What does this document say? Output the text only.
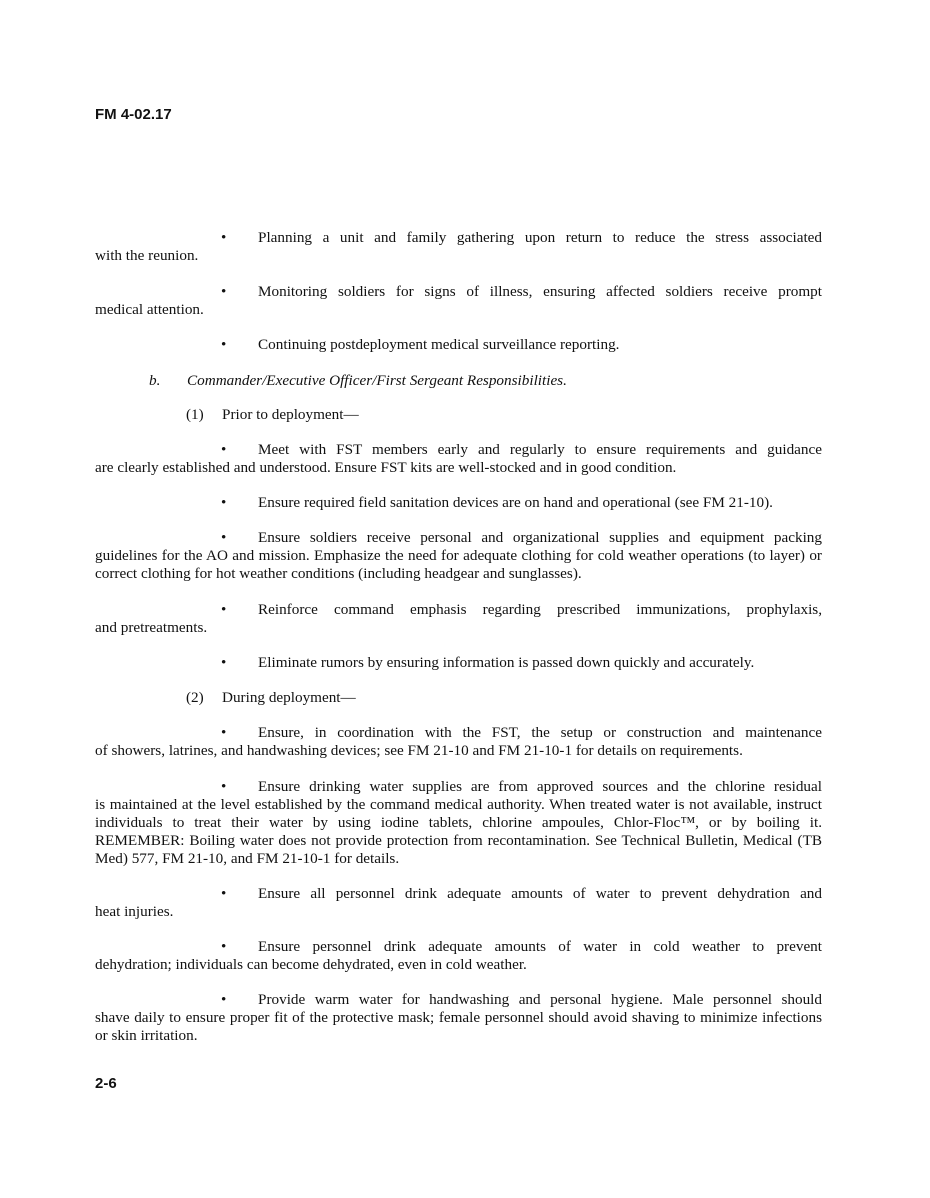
FM 4-02.17
• Planning a unit and family gathering upon return to reduce the stress associated
with the reunion.
• Monitoring soldiers for signs of illness, ensuring affected soldiers receive prompt
medical attention.
• Continuing postdeployment medical surveillance reporting.
b. Commander/Executive Officer/First Sergeant Responsibilities.
(1) Prior to deployment—
• Meet with FST members early and regularly to ensure requirements and guidance
are clearly established and understood. Ensure FST kits are well-stocked and in good condition.
• Ensure required field sanitation devices are on hand and operational (see FM 21-10).
• Ensure soldiers receive personal and organizational supplies and equipment packing
guidelines for the AO and mission. Emphasize the need for adequate clothing for cold weather operations (to layer) or correct clothing for hot weather conditions (including headgear and sunglasses).
• Reinforce command emphasis regarding prescribed immunizations, prophylaxis,
and pretreatments.
• Eliminate rumors by ensuring information is passed down quickly and accurately.
(2) During deployment—
• Ensure, in coordination with the FST, the setup or construction and maintenance
of showers, latrines, and handwashing devices; see FM 21-10 and FM 21-10-1 for details on requirements.
• Ensure drinking water supplies are from approved sources and the chlorine residual
is maintained at the level established by the command medical authority. When treated water is not available, instruct individuals to treat their water by using iodine tablets, chlorine ampoules, Chlor-Floc™, or by boiling it. REMEMBER: Boiling water does not provide protection from recontamination. See Technical Bulletin, Medical (TB Med) 577, FM 21-10, and FM 21-10-1 for details.
• Ensure all personnel drink adequate amounts of water to prevent dehydration and
heat injuries.
• Ensure personnel drink adequate amounts of water in cold weather to prevent
dehydration; individuals can become dehydrated, even in cold weather.
• Provide warm water for handwashing and personal hygiene. Male personnel should
shave daily to ensure proper fit of the protective mask; female personnel should avoid shaving to minimize infections or skin irritation.
2-6
